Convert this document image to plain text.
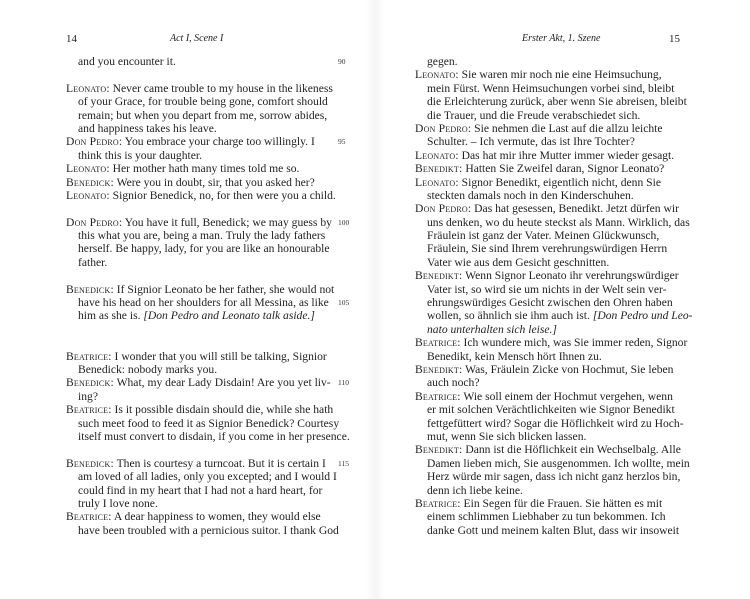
14	Act I, Scene I
and you encounter it.
Leonato: Never came trouble to my house in the likeness
of your Grace, for trouble being gone, comfort should
remain; but when you depart from me, sorrow abides,
and happiness takes his leave.
Don Pedro: You embrace your charge too willingly. I
think this is your daughter.
Leonato: Her mother hath many times told me so.
Benedick: Were you in doubt, sir, that you asked her?
Leonato: Signior Benedick, no, for then were you a child.
Don Pedro: You have it full, Benedick; we may guess by
this what you are, being a man. Truly the lady fathers
herself. Be happy, lady, for you are like an honourable
father.
Benedick: If Signior Leonato be her father, she would not
have his head on her shoulders for all Messina, as like
him as she is. [Don Pedro and Leonato talk aside.]
Beatrice: I wonder that you will still be talking, Signior
Benedick: nobody marks you.
Benedick: What, my dear Lady Disdain! Are you yet liv-
ing?
Beatrice: Is it possible disdain should die, while she hath
such meet food to feed it as Signior Benedick? Courtesy
itself must convert to disdain, if you come in her presence.
Benedick: Then is courtesy a turncoat. But it is certain I
am loved of all ladies, only you excepted; and I would I
could find in my heart that I had not a hard heart, for
truly I love none.
Beatrice: A dear happiness to women, they would else
have been troubled with a pernicious suitor. I thank God
90
95
100
105
110
115
Erster Akt, 1. Szene	15
gegen.
Leonato: Sie waren mir noch nie eine Heimsuchung,
mein Fürst. Wenn Heimsuchungen vorbei sind, bleibt
die Erleichterung zurück, aber wenn Sie abreisen, bleibt
die Trauer, und die Freude verabschiedet sich.
Don Pedro: Sie nehmen die Last auf die allzu leichte
Schulter. – Ich vermute, das ist Ihre Tochter?
Leonato: Das hat mir ihre Mutter immer wieder gesagt.
Benedikt: Hatten Sie Zweifel daran, Signor Leonato?
Leonato: Signor Benedikt, eigentlich nicht, denn Sie
steckten damals noch in den Kinderschuhen.
Don Pedro: Das hat gesessen, Benedikt. Jetzt dürfen wir
uns denken, wo du heute steckst als Mann. Wirklich, das
Fräulein ist ganz der Vater. Meinen Glückwunsch,
Fräulein, Sie sind Ihrem verehrungswürdigen Herrn
Vater wie aus dem Gesicht geschnitten.
Benedikt: Wenn Signor Leonato ihr verehrungswürdiger
Vater ist, so wird sie um nichts in der Welt sein ver-
ehrungswürdiges Gesicht zwischen den Ohren haben
wollen, so ähnlich sie ihm auch ist. [Don Pedro und Leo-
nato unterhalten sich leise.]
Beatrice: Ich wundere mich, was Sie immer reden, Signor
Benedikt, kein Mensch hört Ihnen zu.
Benedikt: Was, Fräulein Zicke von Hochmut, Sie leben
auch noch?
Beatrice: Wie soll einem der Hochmut vergehen, wenn
er mit solchen Verächtlichkeiten wie Signor Benedikt
fettgefüttert wird? Sogar die Höflichkeit wird zu Hoch-
mut, wenn Sie sich blicken lassen.
Benedikt: Dann ist die Höflichkeit ein Wechselbalg. Alle
Damen lieben mich, Sie ausgenommen. Ich wollte, mein
Herz würde mir sagen, dass ich nicht ganz herzlos bin,
denn ich liebe keine.
Beatrice: Ein Segen für die Frauen. Sie hätten es mit
einem schlimmen Liebhaber zu tun bekommen. Ich
danke Gott und meinem kalten Blut, dass wir insoweit
